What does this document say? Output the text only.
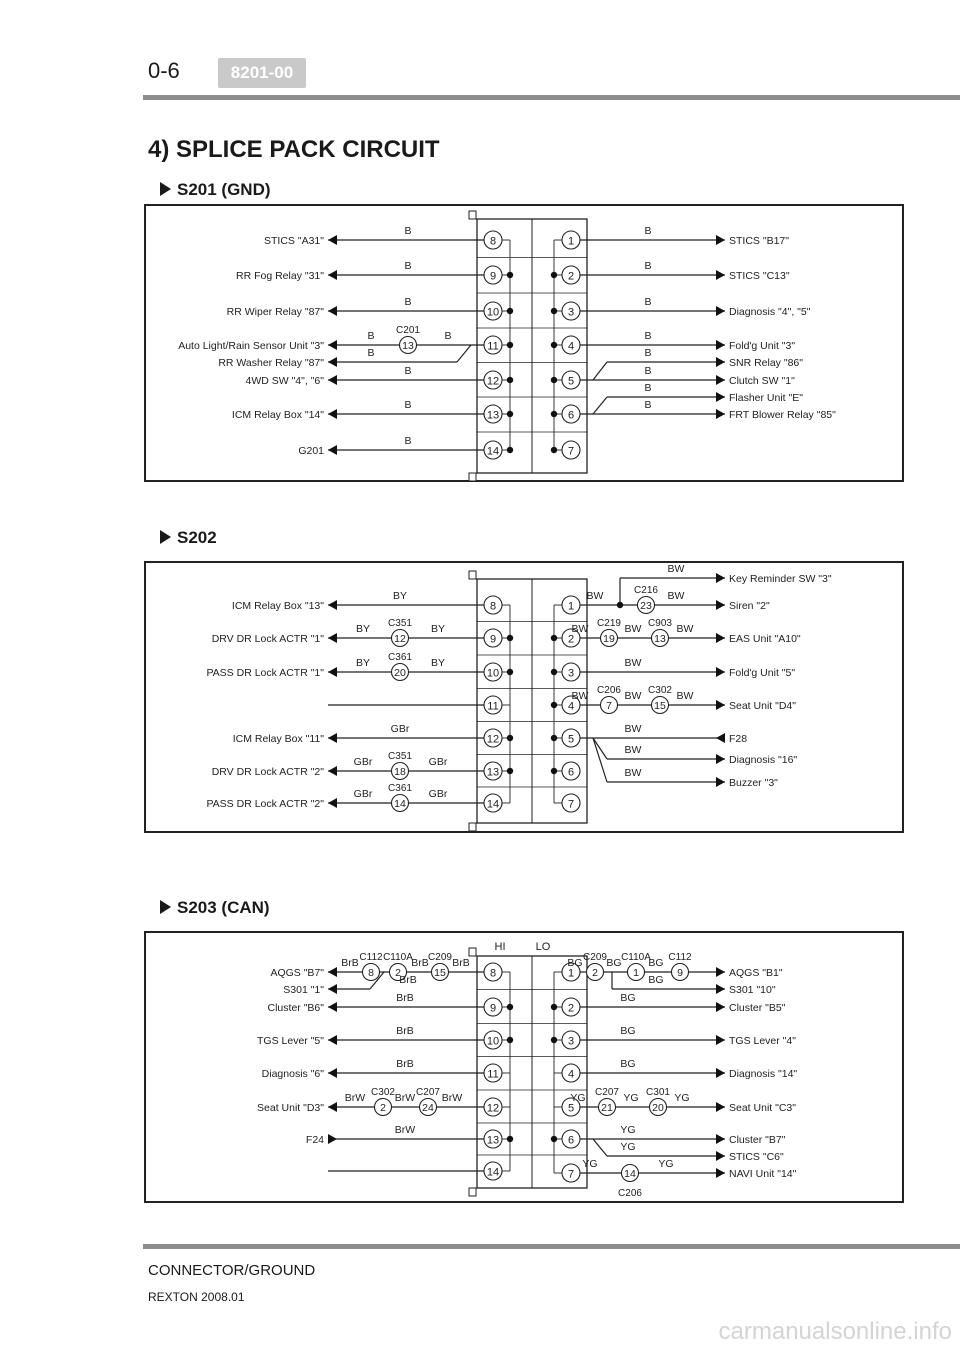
0-6	8201-00
4) SPLICE PACK CIRCUIT
S201 (GND)
S202
S203 (CAN)
8
STICS "A31"
B
9
RR Fog Relay "31"
B
10
RR Wiper Relay "87"
B
11
Auto Light/Rain Sensor Unit "3"
B	B
13
C201
RR Washer Relay "87"
B
12
4WD SW "4", "6"
B
13
ICM Relay Box "14"
B
14
G201
B
1	STICS "B17"
B
2	STICS "C13"
B
3	Diagnosis "4", "5"
B
4	Fold'g Unit "3"
B
SNR Relay "86"
B
5	Clutch SW "1"
B
Flasher Unit "E"
B
6	FRT Blower Relay "85"
B
7
8
ICM Relay Box "13"
BY
9
DRV DR Lock ACTR "1"
BY	BY
12
C351
10
PASS DR Lock ACTR "1"
BY	BY
20
C361
11
12
ICM Relay Box "11"
GBr
13
DRV DR Lock ACTR "2"
GBr	GBr
18
C351
14
PASS DR Lock ACTR "2"
GBr	GBr
14
C361
Key Reminder SW "3"
BW
1	Siren "2"
BW	BW
23
C216
2	EAS Unit "A10"
BW	BW	BW
19
C219
13
C903
3	Fold'g Unit "5"
BW
4	Seat Unit "D4"
BW	BW	BW
7
C206
15
C302
5	F28
BW
Diagnosis "16"
BW
Buzzer "3"
BW
6
7
HI	LO
8
AQGS "B7"
BrB	BrB BrB
8
C112
2
C110A
15
C209
S301 "1"
BrB
9
Cluster "B6"
BrB
10
TGS Lever "5"
BrB
11
Diagnosis "6"
BrB
12
Seat Unit "D3"
BrW	BrW	BrW
2
C302
24
C207
13
F24
BrW
14
1	AQGS "B1"
BG BG	BG
2
C209
1
C110A
9
C112
S301 "10"
BG
2	Cluster "B5"
BG
3	TGS Lever "4"
BG
4	Diagnosis "14"
BG
5	Seat Unit "C3"
YG	YG	YG
21
C207
20
C301
6	Cluster "B7"
YG
STICS "C6"
YG
7	NAVI Unit "14"
YG	YG
14
C206
CONNECTOR/GROUND
REXTON 2008.01
carmanualsonline.info
